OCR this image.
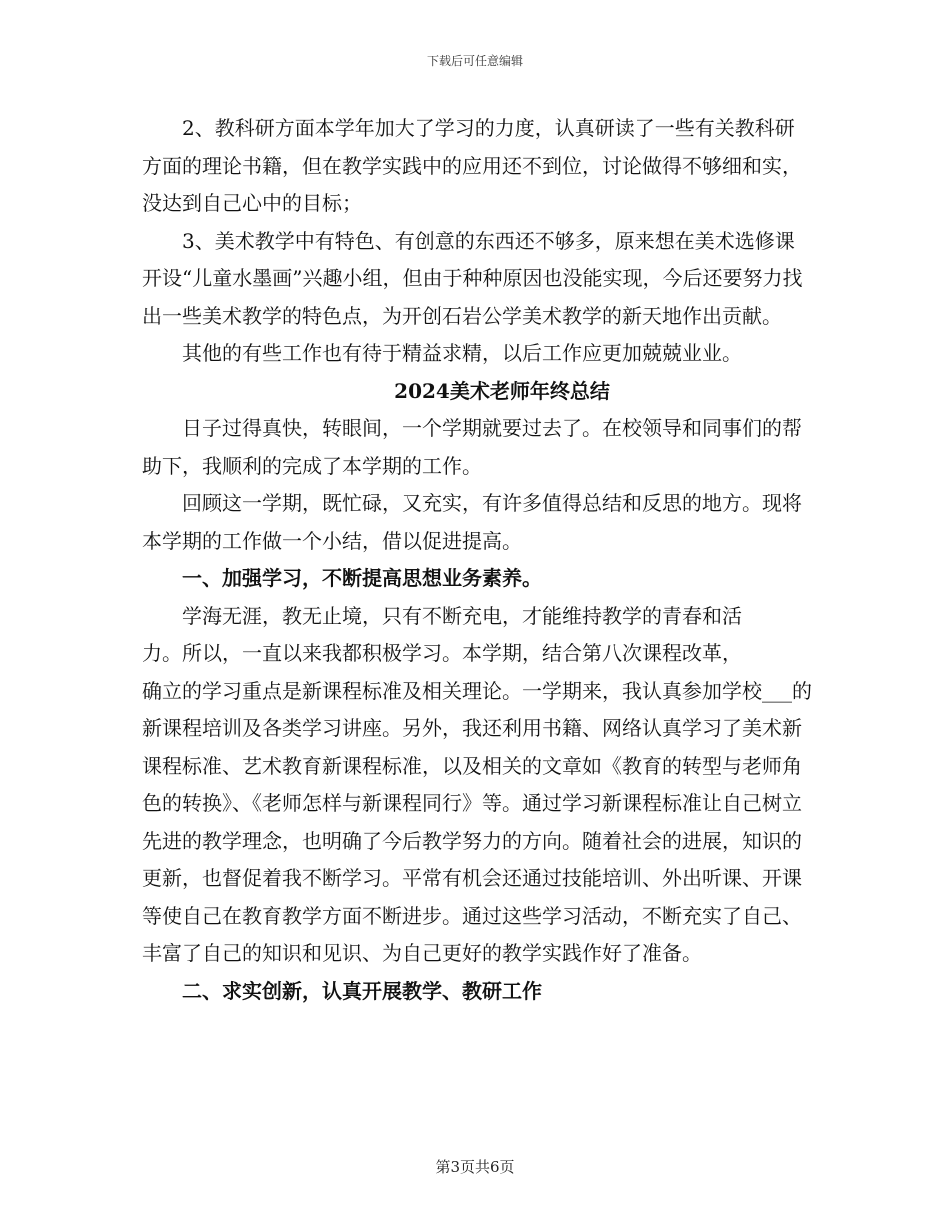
下载后可任意编辑

2、教科研方面本学年加大了学习的力度，认真研读了一些有关教科研方面的理论书籍，但在教学实践中的应用还不到位，讨论做得不够细和实，没达到自己心中的目标；

3、美术教学中有特色、有创意的东西还不够多，原来想在美术选修课开设“儿童水墨画”兴趣小组，但由于种种原因也没能实现，今后还要努力找出一些美术教学的特色点，为开创石岩公学美术教学的新天地作出贡献。

其他的有些工作也有待于精益求精，以后工作应更加兢兢业业。

2024美术老师年终总结

日子过得真快，转眼间，一个学期就要过去了。在校领导和同事们的帮助下，我顺利的完成了本学期的工作。

回顾这一学期，既忙碌，又充实，有许多值得总结和反思的地方。现将本学期的工作做一个小结，借以促进提高。

一、加强学习，不断提高思想业务素养。

学海无涯，教无止境，只有不断充电，才能维持教学的青春和活

力。所以，一直以来我都积极学习。本学期，结合第八次课程改革，

确立的学习重点是新课程标准及相关理论。一学期来，我认真参加学校___的新课程培训及各类学习讲座。另外，我还利用书籍、网络认真学习了美术新课程标准、艺术教育新课程标准，以及相关的文章如《教育的转型与老师角色的转换》、《老师怎样与新课程同行》等。通过学习新课程标准让自己树立先进的教学理念，也明确了今后教学努力的方向。随着社会的进展，知识的更新，也督促着我不断学习。平常有机会还通过技能培训、外出听课、开课等使自己在教育教学方面不断进步。通过这些学习活动，不断充实了自己、丰富了自己的知识和见识、为自己更好的教学实践作好了准备。

二、求实创新，认真开展教学、教研工作

第3页共6页
